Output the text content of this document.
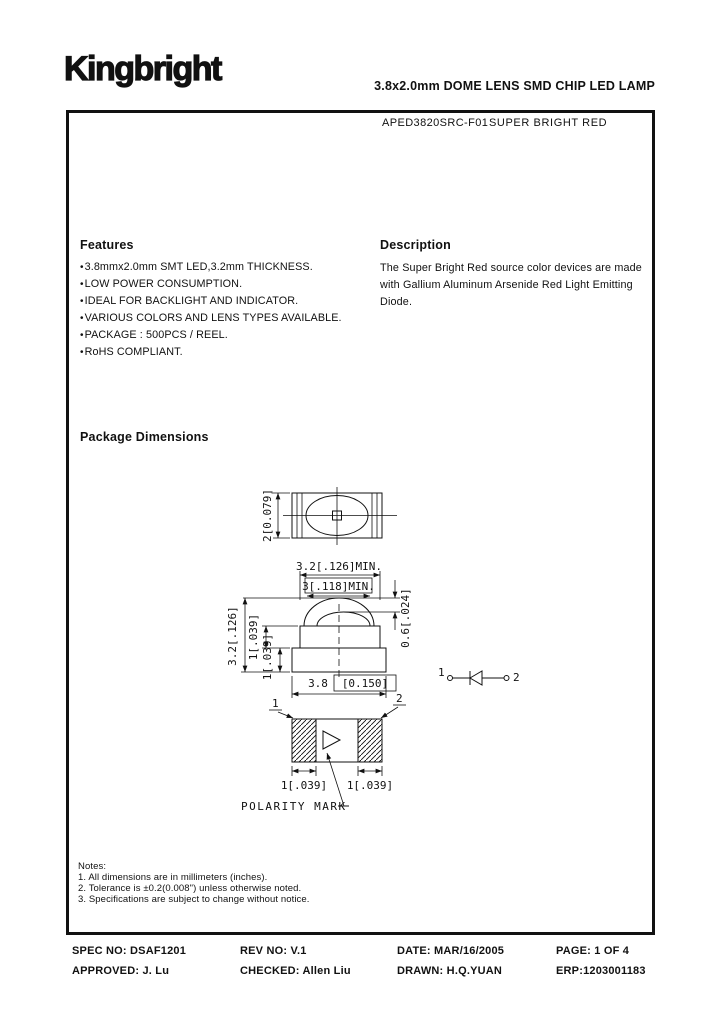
Kingbright	3.8x2.0mm DOME LENS SMD CHIP LED LAMP
APED3820SRC-F01 SUPER BRIGHT RED
Features
•3.8mmx2.0mm SMT LED,3.2mm THICKNESS.
•LOW POWER CONSUMPTION.
•IDEAL FOR BACKLIGHT AND INDICATOR.
•VARIOUS COLORS AND LENS TYPES AVAILABLE.
•PACKAGE : 500PCS / REEL.
•RoHS COMPLIANT.
Description
The Super Bright Red source color devices are made
with Gallium Aluminum Arsenide Red Light Emitting
Diode.
Package Dimensions
2[0.079]
3.2[.126]MIN.
3[.118]MIN.
3.2[.126] 1[.039] 1[.039]
0.6[.024]
3.8 [0.150]
1	2
1	2
1[.039] 1[.039]
POLARITY MARK
Notes:
1. All dimensions are in millimeters (inches).
2. Tolerance is ±0.2(0.008") unless otherwise noted.
3. Specifications are subject to change without notice.
SPEC NO: DSAF1201	REV NO: V.1	DATE: MAR/16/2005	PAGE: 1 OF 4
APPROVED: J. Lu	CHECKED: Allen Liu	DRAWN: H.Q.YUAN	ERP:1203001183
